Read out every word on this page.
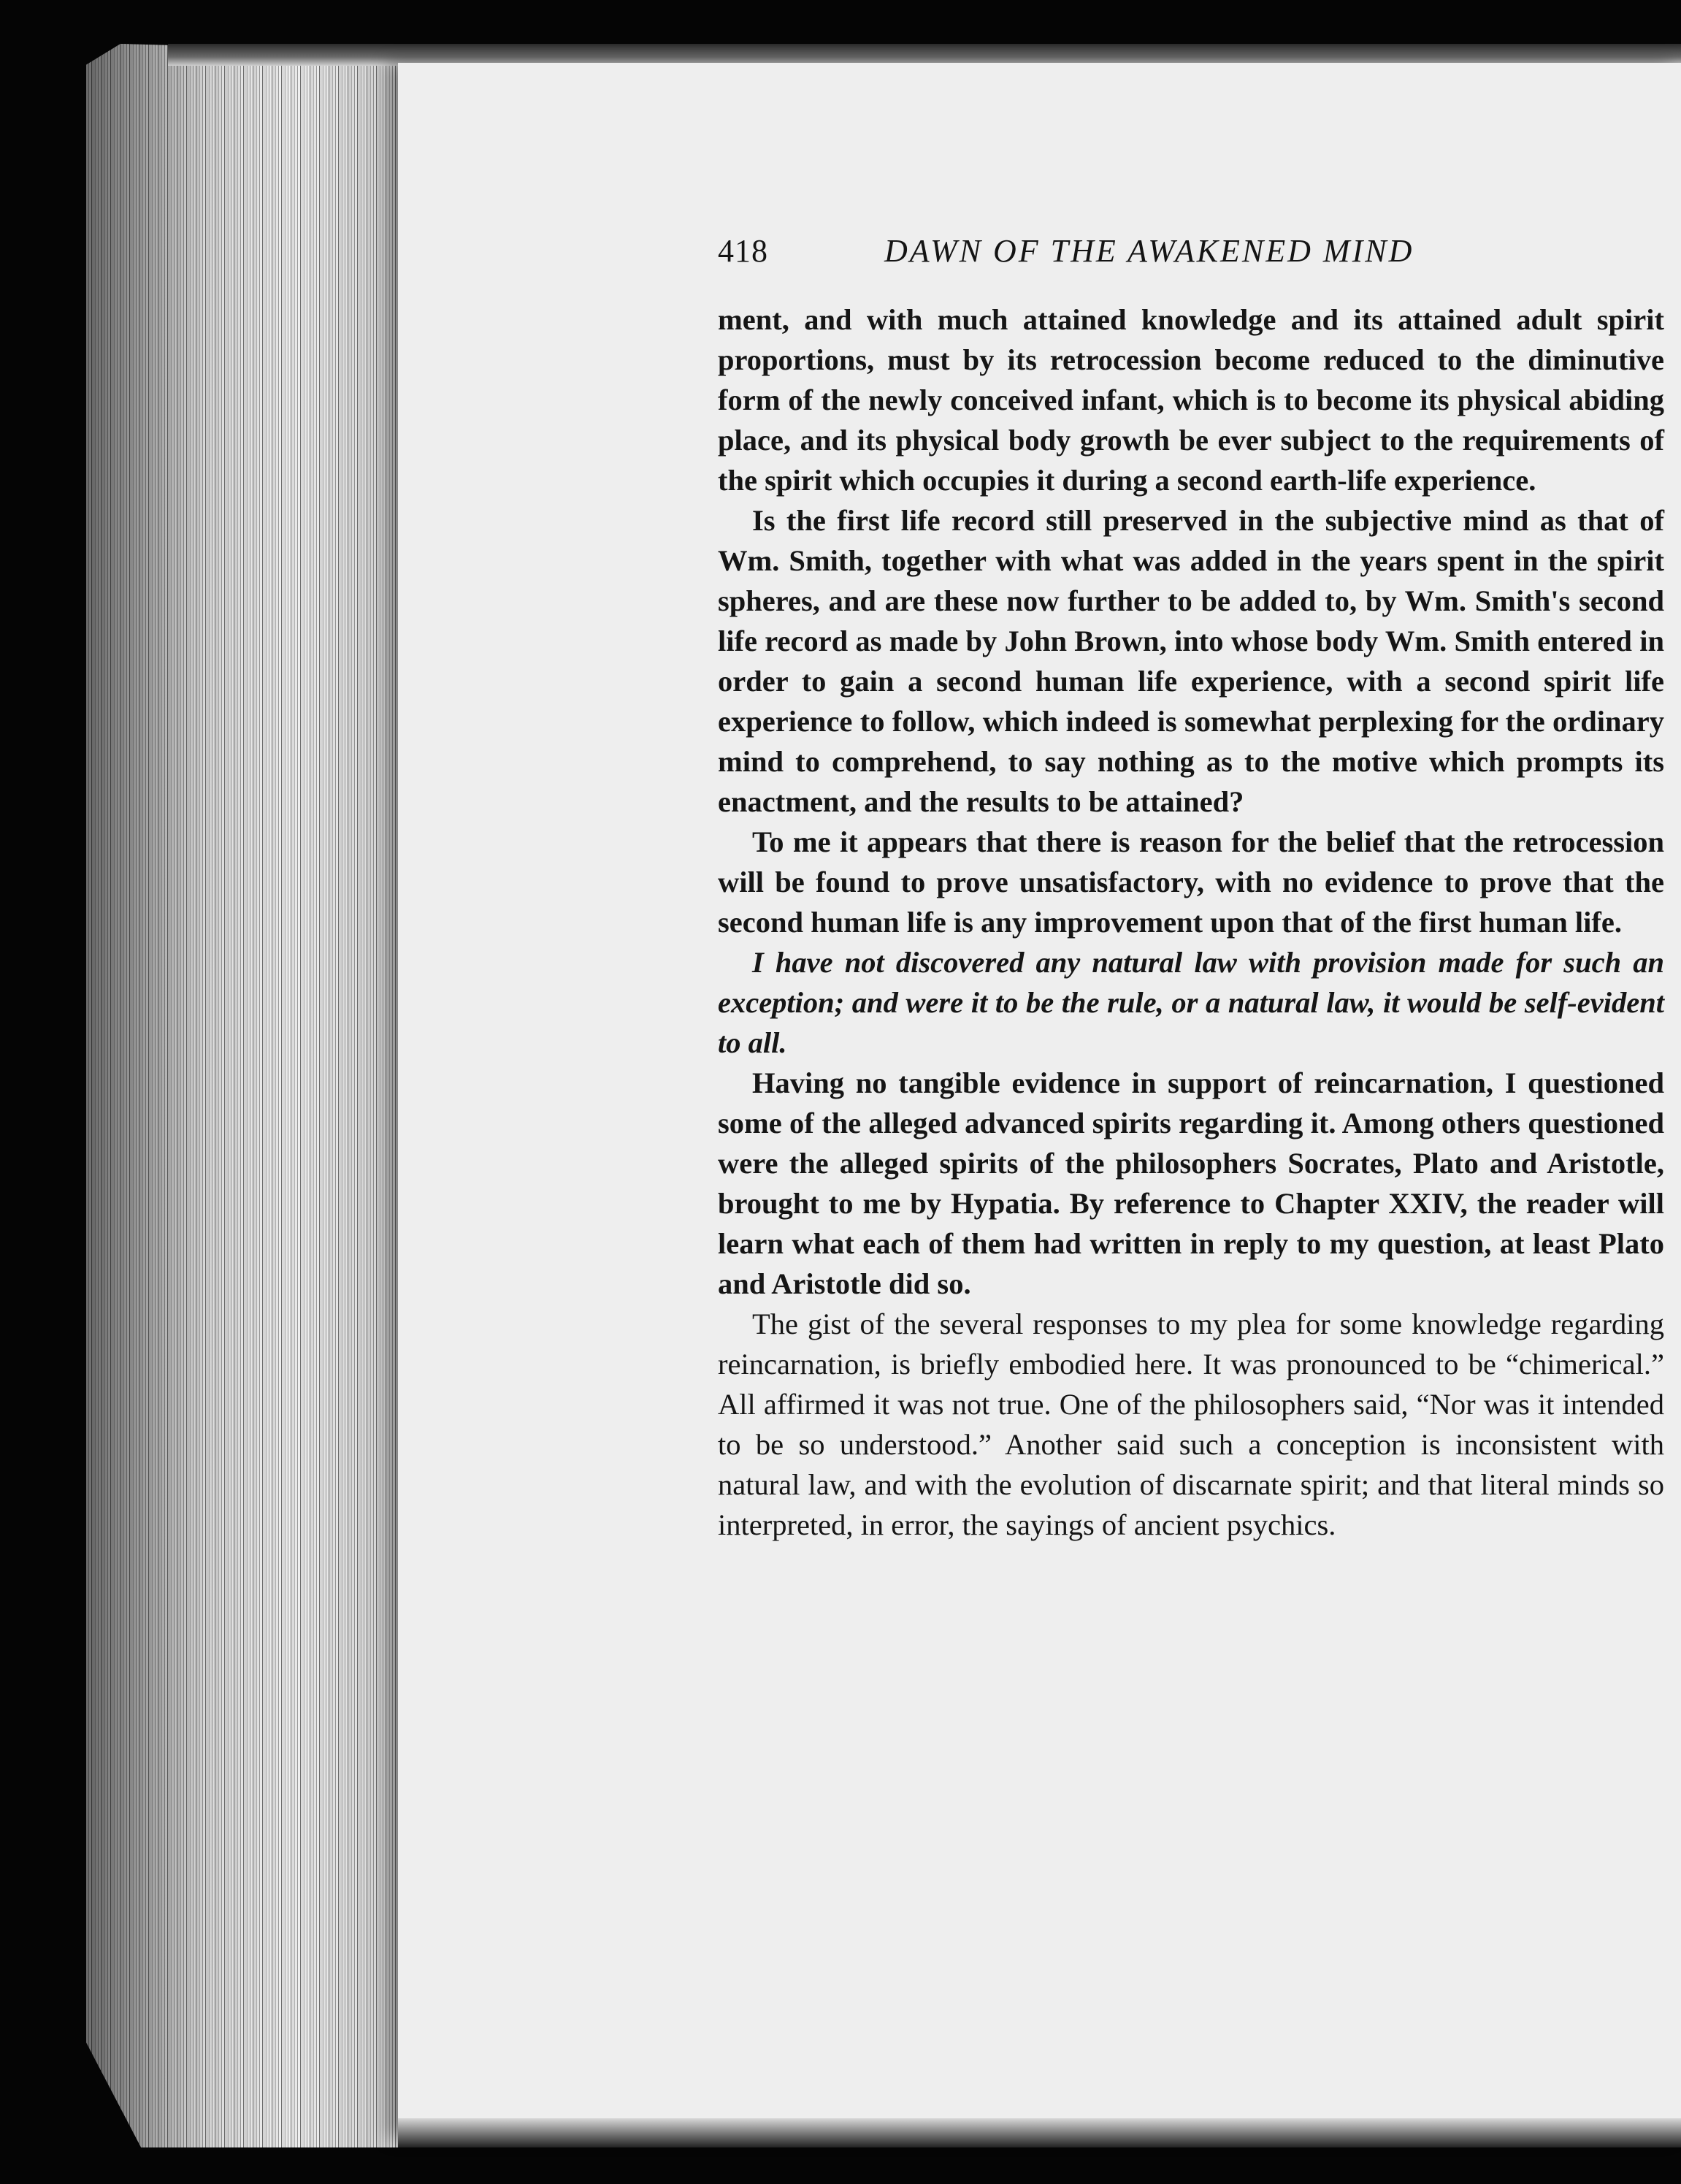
418	DAWN OF THE AWAKENED MIND

ment, and with much attained knowledge and its attained adult spirit proportions, must by its retrocession become reduced to the diminutive form of the newly conceived infant, which is to become its physical abiding place, and its physical body growth be ever subject to the requirements of the spirit which occupies it during a second earth-life experience.

Is the first life record still preserved in the subjective mind as that of Wm. Smith, together with what was added in the years spent in the spirit spheres, and are these now further to be added to, by Wm. Smith's second life record as made by John Brown, into whose body Wm. Smith entered in order to gain a second human life experience, with a second spirit life experience to follow, which indeed is somewhat perplexing for the ordinary mind to comprehend, to say nothing as to the motive which prompts its enactment, and the results to be attained?

To me it appears that there is reason for the belief that the retrocession will be found to prove unsatisfactory, with no evidence to prove that the second human life is any improvement upon that of the first human life.

I have not discovered any natural law with provision made for such an exception; and were it to be the rule, or a natural law, it would be self-evident to all.

Having no tangible evidence in support of reincarnation, I questioned some of the alleged advanced spirits regarding it. Among others questioned were the alleged spirits of the philosophers Socrates, Plato and Aristotle, brought to me by Hypatia. By reference to Chapter XXIV, the reader will learn what each of them had written in reply to my question, at least Plato and Aristotle did so.

The gist of the several responses to my plea for some knowledge regarding reincarnation, is briefly embodied here. It was pronounced to be “chimerical.” All affirmed it was not true. One of the philosophers said, “Nor was it intended to be so understood.” Another said such a conception is inconsistent with natural law, and with the evolution of discarnate spirit; and that literal minds so interpreted, in error, the sayings of ancient psychics.
